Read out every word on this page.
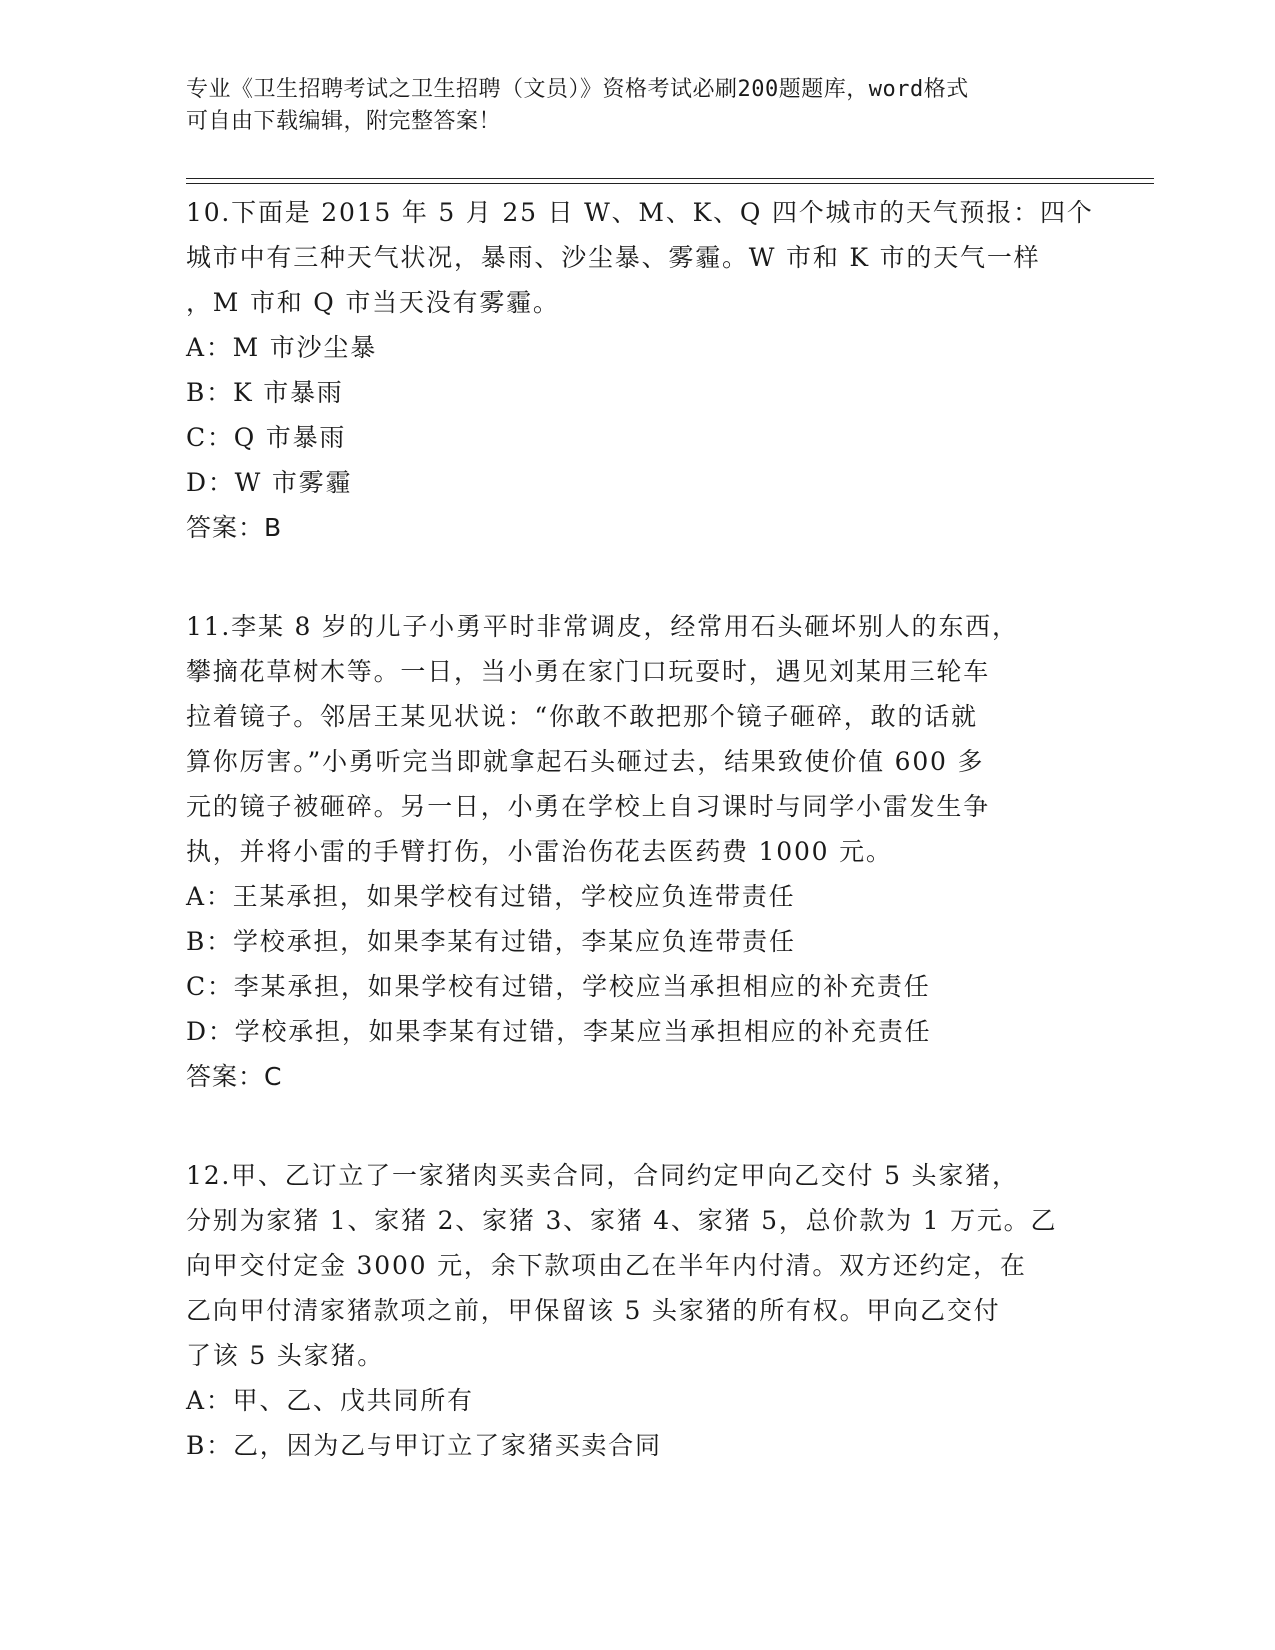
专业《卫生招聘考试之卫生招聘（文员）》资格考试必刷200题题库，word格式
可自由下载编辑，附完整答案！
10.下面是 2015 年 5 月 25 日 W、M、K、Q 四个城市的天气预报：四个
城市中有三种天气状况，暴雨、沙尘暴、雾霾。W 市和 K 市的天气一样
，M 市和 Q 市当天没有雾霾。
A：M 市沙尘暴
B：K 市暴雨
C：Q 市暴雨
D：W 市雾霾
答案：B
11.李某 8 岁的儿子小勇平时非常调皮，经常用石头砸坏别人的东西，
攀摘花草树木等。一日，当小勇在家门口玩耍时，遇见刘某用三轮车
拉着镜子。邻居王某见状说：“你敢不敢把那个镜子砸碎，敢的话就
算你厉害。”小勇听完当即就拿起石头砸过去，结果致使价值 600 多
元的镜子被砸碎。另一日，小勇在学校上自习课时与同学小雷发生争
执，并将小雷的手臂打伤，小雷治伤花去医药费 1000 元。
A：王某承担，如果学校有过错，学校应负连带责任
B：学校承担，如果李某有过错，李某应负连带责任
C：李某承担，如果学校有过错，学校应当承担相应的补充责任
D：学校承担，如果李某有过错，李某应当承担相应的补充责任
答案：C
12.甲、乙订立了一家猪肉买卖合同，合同约定甲向乙交付 5 头家猪，
分别为家猪 1、家猪 2、家猪 3、家猪 4、家猪 5，总价款为 1 万元。乙
向甲交付定金 3000 元，余下款项由乙在半年内付清。双方还约定，在
乙向甲付清家猪款项之前，甲保留该 5 头家猪的所有权。甲向乙交付
了该 5 头家猪。
A：甲、乙、戊共同所有
B：乙，因为乙与甲订立了家猪买卖合同
